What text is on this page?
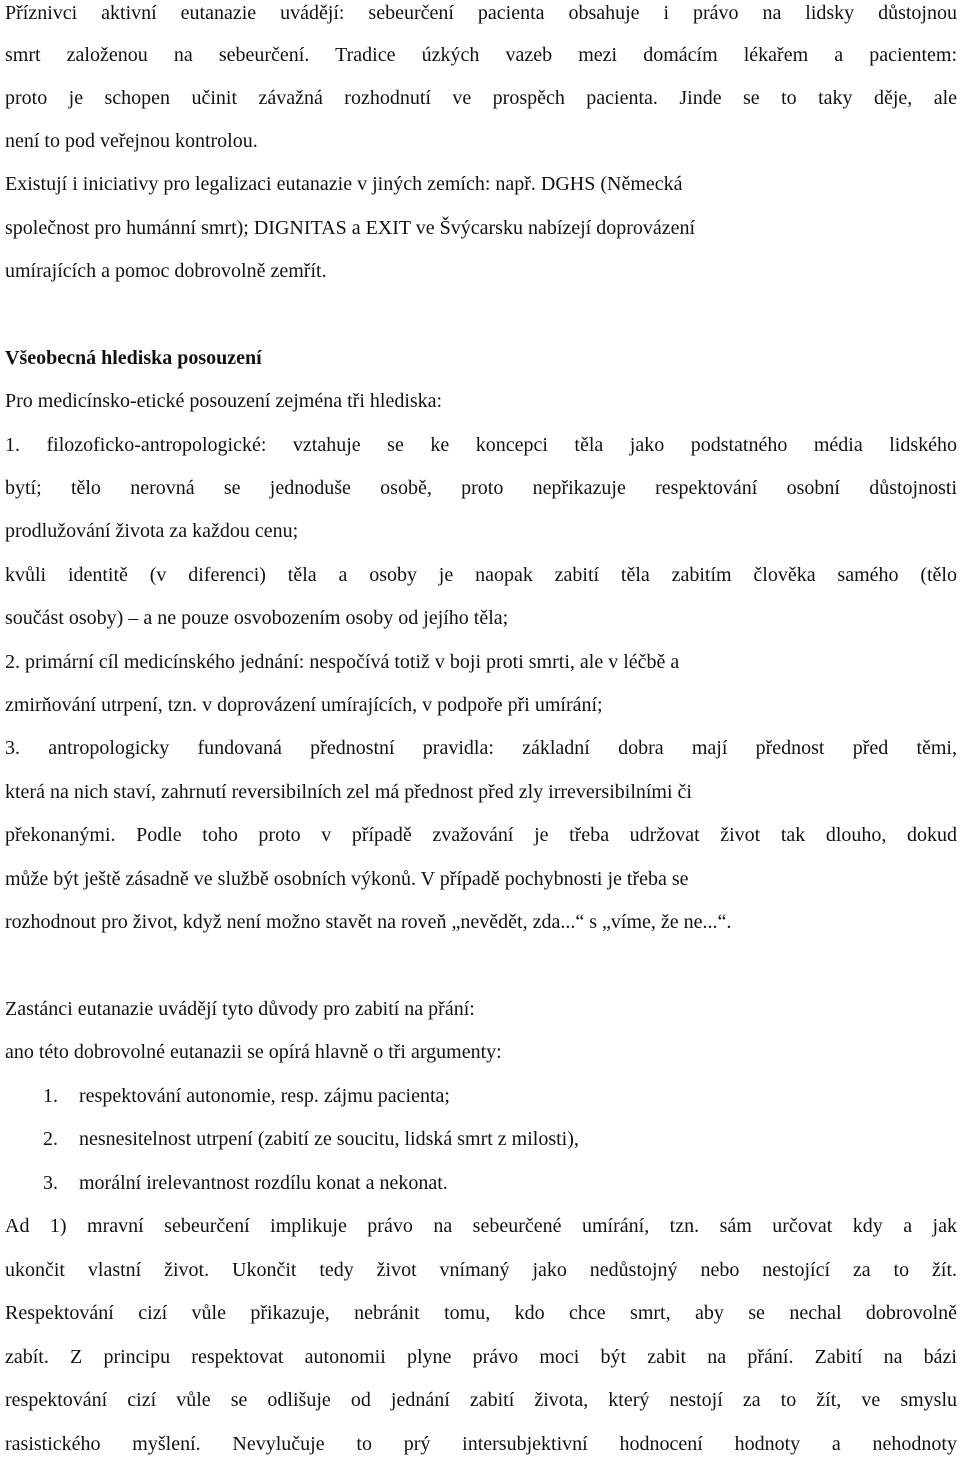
Příznivci aktivní eutanazie uvádějí: sebeurčení pacienta obsahuje i právo na lidsky důstojnou
smrt založenou na sebeurčení. Tradice úzkých vazeb mezi domácím lékařem a pacientem:
proto je schopen učinit závažná rozhodnutí ve prospěch pacienta. Jinde se to taky děje, ale
není to pod veřejnou kontrolou.
Existují i iniciativy pro legalizaci eutanazie v jiných zemích: např. DGHS (Německá
společnost pro humánní smrt); DIGNITAS a EXIT ve Švýcarsku nabízejí doprovázení
umírajících a pomoc dobrovolně zemřít.
Všeobecná hlediska posouzení
Pro medicínsko-etické posouzení zejména tři hlediska:
1. filozoficko-antropologické: vztahuje se ke koncepci těla jako podstatného média lidského
bytí; tělo nerovná se jednoduše osobě, proto nepřikazuje respektování osobní důstojnosti
prodlužování života za každou cenu;
kvůli identitě (v diferenci) těla a osoby je naopak zabití těla zabitím člověka samého (tělo
součást osoby) – a ne pouze osvobozením osoby od jejího těla;
2. primární cíl medicínského jednání: nespočívá totiž v boji proti smrti, ale v léčbě a
zmirňování utrpení, tzn. v doprovázení umírajících, v podpoře při umírání;
3. antropologicky fundovaná přednostní pravidla: základní dobra mají přednost před těmi,
která na nich staví, zahrnutí reversibilních zel má přednost před zly irreversibilními či
překonanými. Podle toho proto v případě zvažování je třeba udržovat život tak dlouho, dokud
může být ještě zásadně ve službě osobních výkonů. V případě pochybnosti je třeba se
rozhodnout pro život, když není možno stavět na roveň „nevědět, zda...“ s „víme, že ne...“.
Zastánci eutanazie uvádějí tyto důvody pro zabití na přání:
ano této dobrovolné eutanazii se opírá hlavně o tři argumenty:
1. respektování autonomie, resp. zájmu pacienta;
2. nesnesitelnost utrpení (zabití ze soucitu, lidská smrt z milosti),
3. morální irelevantnost rozdílu konat a nekonat.
Ad 1) mravní sebeurčení implikuje právo na sebeurčené umírání, tzn. sám určovat kdy a jak
ukončit vlastní život. Ukončit tedy život vnímaný jako nedůstojný nebo nestojící za to žít.
Respektování cizí vůle přikazuje, nebránit tomu, kdo chce smrt, aby se nechal dobrovolně
zabít. Z principu respektovat autonomii plyne právo moci být zabit na přání. Zabití na bázi
respektování cizí vůle se odlišuje od jednání zabití života, který nestojí za to žít, ve smyslu
rasistického myšlení. Nevylučuje to prý intersubjektivní hodnocení hodnoty a nehodnoty
